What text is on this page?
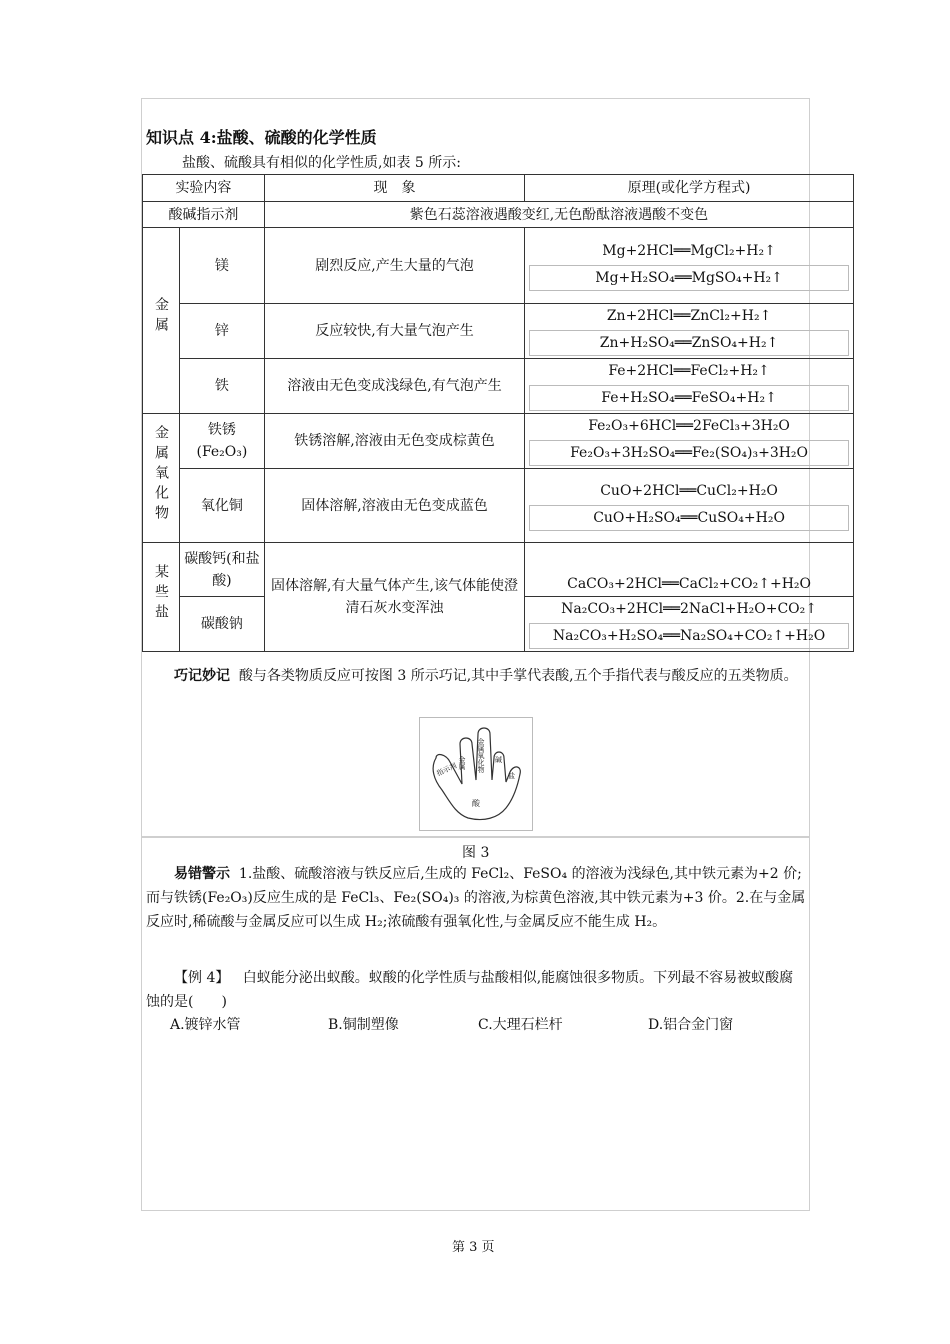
知识点 4:盐酸、硫酸的化学性质
盐酸、硫酸具有相似的化学性质,如表 5 所示:
实验内容		现　象	原理(或化学方程式)
酸碱指示剂		紫色石蕊溶液遇酸变红,无色酚酞溶液遇酸不变色	
金属	镁	剧烈反应,产生大量的气泡	Mg+2HCl══MgCl₂+H₂↑
Mg+H₂SO₄══MgSO₄+H₂↑

	锌	反应较快,有大量气泡产生	Zn+2HCl══ZnCl₂+H₂↑
Zn+H₂SO₄══ZnSO₄+H₂↑

	铁	溶液由无色变成浅绿色,有气泡产生	Fe+2HCl══FeCl₂+H₂↑
Fe+H₂SO₄══FeSO₄+H₂↑

金属氧化物	铁锈(Fe₂O₃)	铁锈溶解,溶液由无色变成棕黄色	Fe₂O₃+6HCl══2FeCl₃+3H₂O
Fe₂O₃+3H₂SO₄══Fe₂(SO₄)₃+3H₂O

	氧化铜	固体溶解,溶液由无色变成蓝色	CuO+2HCl══CuCl₂+H₂O
CuO+H₂SO₄══CuSO₄+H₂O

某些盐	碳酸钙(和盐酸)	固体溶解,有大量气体产生,该气体能使澄清石灰水变浑浊	CaCO₃+2HCl══CaCl₂+CO₂↑+H₂O

	碳酸钠		Na₂CO₃+2HCl══2NaCl+H₂O+CO₂↑
Na₂CO₃+H₂SO₄══Na₂SO₄+CO₂↑+H₂O
巧记妙记 酸与各类物质反应可按图 3 所示巧记,其中手掌代表酸,五个手指代表与酸反应的五类物质。
指示剂 金属 金属氧化物 碱
盐
酸
图 3
易错警示 1.盐酸、硫酸溶液与铁反应后,生成的 FeCl₂、FeSO₄ 的溶液为浅绿色,其中铁元素为+2 价;而与铁锈(Fe₂O₃)反应生成的是 FeCl₃、Fe₂(SO₄)₃ 的溶液,为棕黄色溶液,其中铁元素为+3 价。2.在与金属反应时,稀硫酸与金属反应可以生成 H₂;浓硫酸有强氧化性,与金属反应不能生成 H₂。
【例 4】 白蚁能分泌出蚁酸。蚁酸的化学性质与盐酸相似,能腐蚀很多物质。下列最不容易被蚁酸腐蚀的是(　　)
A.镀锌水管	B.铜制塑像	C.大理石栏杆	D.铝合金门窗
第 3 页
